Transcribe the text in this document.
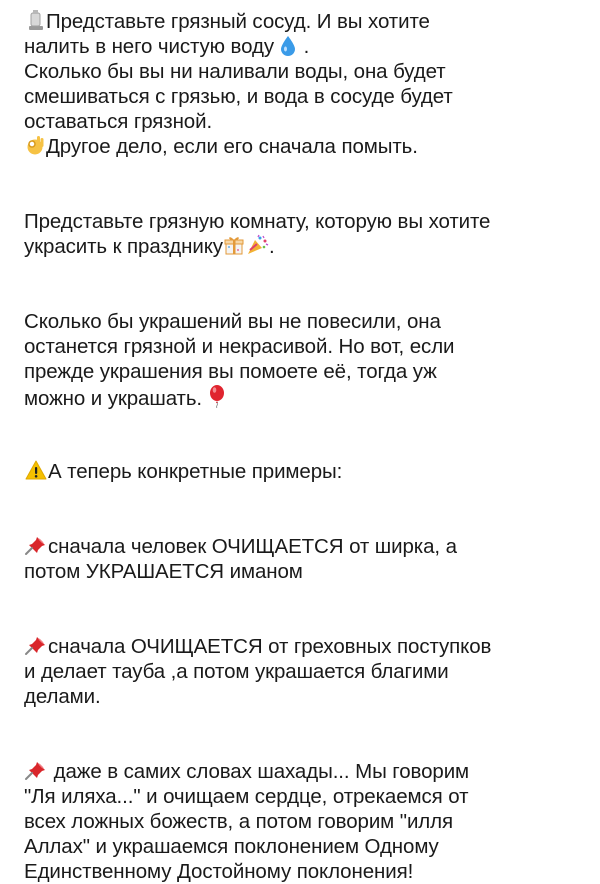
Представьте грязный сосуд. И вы хотите
налить в него чистую воду .
Сколько бы вы ни наливали воды, она будет
смешиваться с грязью, и вода в сосуде будет
оставаться грязной.
Другое дело, если его сначала помыть.
Представьте грязную комнату, которую вы хотите
украсить к празднику .
Сколько бы украшений вы не повесили, она
останется грязной и некрасивой. Но вот, если
прежде украшения вы помоете её, тогда уж
можно и украшать.
А теперь конкретные примеры:
сначала человек ОЧИЩАЕТСЯ от ширка, а
потом УКРАШАЕТСЯ иманом
сначала ОЧИЩАЕТСЯ от греховных поступков
и делает тауба ,а потом украшается благими
делами.
даже в самих словах шахады... Мы говорим
"Ля иляха..." и очищаем сердце, отрекаемся от
всех ложных божеств, а потом говорим "илля
Аллах" и украшаемся поклонением Одному
Единственному Достойному поклонения!
